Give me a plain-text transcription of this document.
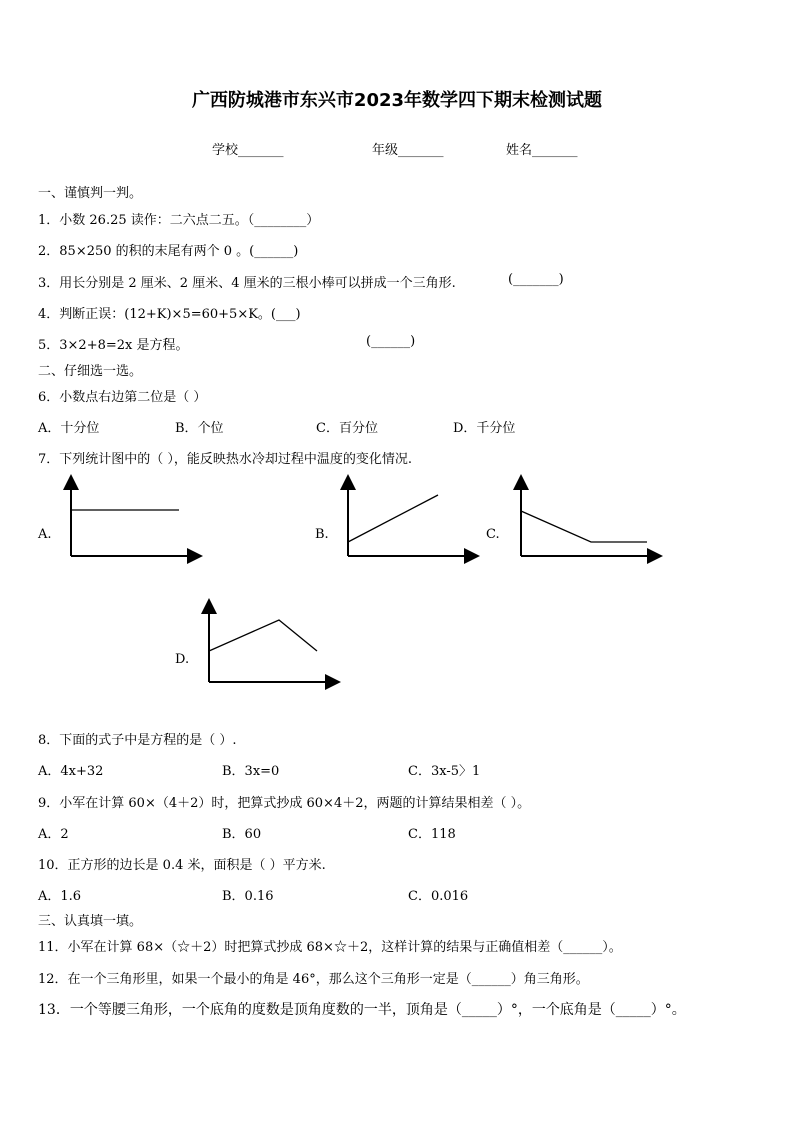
广西防城港市东兴市2023年数学四下期末检测试题
学校_______	年级_______	姓名_______
一、谨慎判一判。
1．小数 26.25 读作：二六点二五。（________）
2．85×250 的积的末尾有两个 0 。(______)
3．用长分别是 2 厘米、2 厘米、4 厘米的三根小棒可以拼成一个三角形.	(_______)
4．判断正误：(12+K)×5=60+5×K。(___)
5．3×2+8=2x 是方程。	(______)
二、仔细选一选。
6．小数点右边第二位是（ ）
A．十分位	B．个位	C．百分位	D．千分位
7．下列统计图中的（ ），能反映热水冷却过程中温度的变化情况.
A.	B.	C.
D.
8．下面的式子中是方程的是（ ）.
A．4x+32	B．3x=0	C．3x-5〉1
9．小军在计算 60×（4＋2）时，把算式抄成 60×4＋2，两题的计算结果相差（ ）。
A．2	B．60	C．118
10．正方形的边长是 0.4 米，面积是（ ）平方米.
A．1.6	B．0.16	C．0.016
三、认真填一填。
11．小军在计算 68×（☆＋2）时把算式抄成 68×☆＋2，这样计算的结果与正确值相差（______）。
12．在一个三角形里，如果一个最小的角是 46°，那么这个三角形一定是（______）角三角形。
13．一个等腰三角形，一个底角的度数是顶角度数的一半，顶角是（_____）°，一个底角是（_____）°。
